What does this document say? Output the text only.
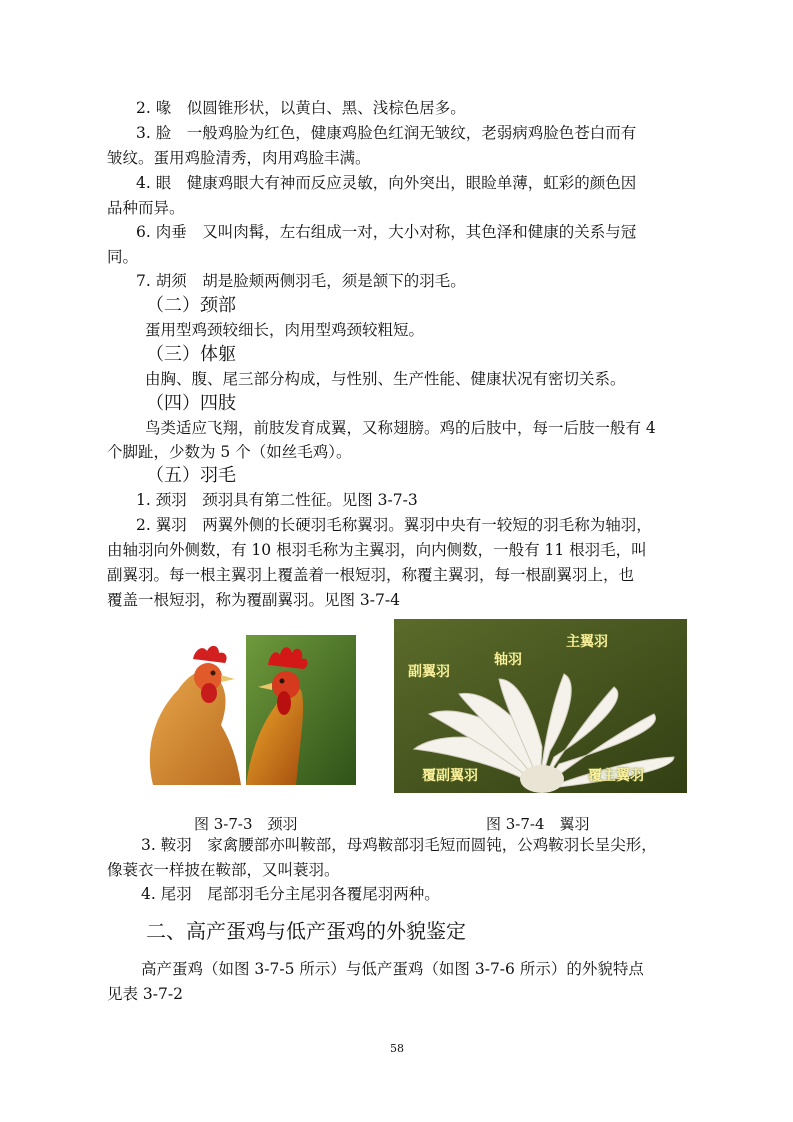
2. 喙　似圆锥形状，以黄白、黑、浅棕色居多。
3. 脸　一般鸡脸为红色，健康鸡脸色红润无皱纹，老弱病鸡脸色苍白而有
皱纹。蛋用鸡脸清秀，肉用鸡脸丰满。
4. 眼　健康鸡眼大有神而反应灵敏，向外突出，眼睑单薄，虹彩的颜色因
品种而异。
6. 肉垂　又叫肉髯，左右组成一对，大小对称，其色泽和健康的关系与冠
同。
7. 胡须　胡是脸颊两侧羽毛，须是颔下的羽毛。
（二）颈部
蛋用型鸡颈较细长，肉用型鸡颈较粗短。
（三）体躯
由胸、腹、尾三部分构成，与性别、生产性能、健康状况有密切关系。
（四）四肢
鸟类适应飞翔，前肢发育成翼，又称翅膀。鸡的后肢中，每一后肢一般有 4
个脚趾，少数为 5 个（如丝毛鸡）。
（五）羽毛
1. 颈羽　颈羽具有第二性征。见图 3-7-3
2. 翼羽　两翼外侧的长硬羽毛称翼羽。翼羽中央有一较短的羽毛称为轴羽，
由轴羽向外侧数，有 10 根羽毛称为主翼羽，向内侧数，一般有 11 根羽毛，叫
副翼羽。每一根主翼羽上覆盖着一根短羽，称覆主翼羽，每一根副翼羽上，也
覆盖一根短羽，称为覆副翼羽。见图 3-7-4
主翼羽
轴羽
副翼羽
覆副翼羽	覆主翼羽
图 3-7-3　颈羽	图 3-7-4　翼羽
3. 鞍羽　家禽腰部亦叫鞍部，母鸡鞍部羽毛短而圆钝，公鸡鞍羽长呈尖形，
像蓑衣一样披在鞍部，又叫蓑羽。
4. 尾羽　尾部羽毛分主尾羽各覆尾羽两种。
二、高产蛋鸡与低产蛋鸡的外貌鉴定
高产蛋鸡（如图 3-7-5 所示）与低产蛋鸡（如图 3-7-6 所示）的外貌特点
见表 3-7-2
58
